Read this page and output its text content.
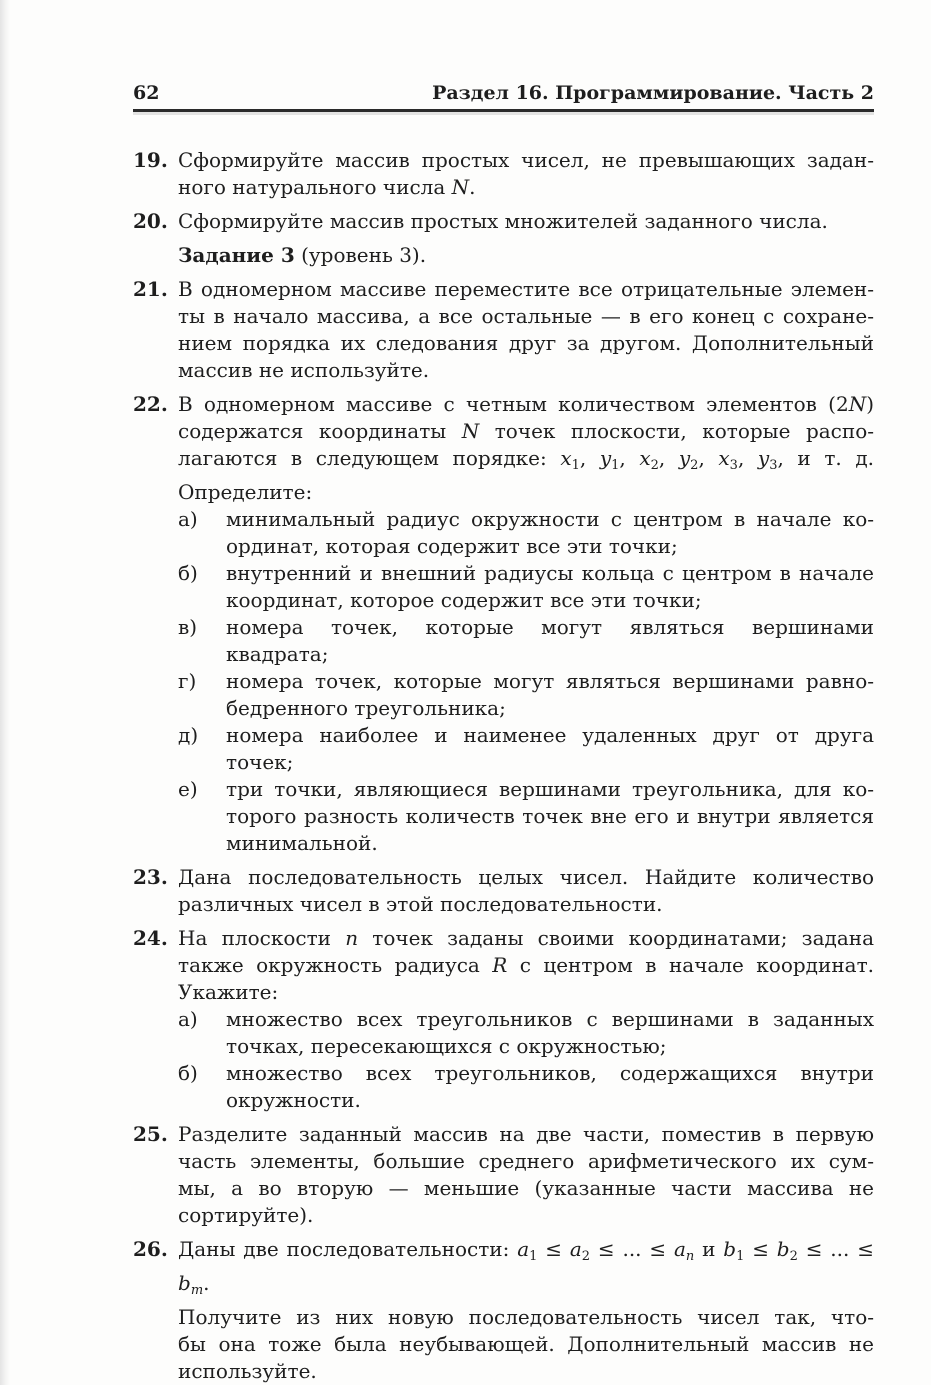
62	Раздел 16. Программирование. Часть 2
19. Сформируйте массив простых чисел, не превышающих задан-
ного натурального числа N.
20. Сформируйте массив простых множителей заданного числа.
Задание 3 (уровень 3).
21. В одномерном массиве переместите все отрицательные элемен-
ты в начало массива, а все остальные — в его конец с сохране-
нием порядка их следования друг за другом. Дополнительный
массив не используйте.
22. В одномерном массиве с четным количеством элементов (2N)
содержатся координаты N точек плоскости, которые распо-
лагаются в следующем порядке: $x_1$, $y_1$, $x_2$, $y_2$, $x_3$, $y_3$, и т. д.
Определите:
а) минимальный радиус окружности с центром в начале ко-
ординат, которая содержит все эти точки;
б) внутренний и внешний радиусы кольца с центром в начале
координат, которое содержит все эти точки;
в) номера точек, которые могут являться вершинами
квадрата;
г) номера точек, которые могут являться вершинами равно-
бедренного треугольника;
д) номера наиболее и наименее удаленных друг от друга
точек;
е) три точки, являющиеся вершинами треугольника, для ко-
торого разность количеств точек вне его и внутри является
минимальной.
23. Дана последовательность целых чисел. Найдите количество
различных чисел в этой последовательности.
24. На плоскости n точек заданы своими координатами; задана
также окружность радиуса R с центром в начале координат.
Укажите:
а) множество всех треугольников с вершинами в заданных
точках, пересекающихся с окружностью;
б) множество всех треугольников, содержащихся внутри
окружности.
25. Разделите заданный массив на две части, поместив в первую
часть элементы, большие среднего арифметического их сум-
мы, а во вторую — меньшие (указанные части массива не
сортируйте).
26. Даны две последовательности: $a_1 \le a_2$ ≤ ... ≤ $a_n$ и $b_1 \le b_2$ ≤ ... ≤ $b_m$.
Получите из них новую последовательность чисел так, что-
бы она тоже была неубывающей. Дополнительный массив не
используйте.
